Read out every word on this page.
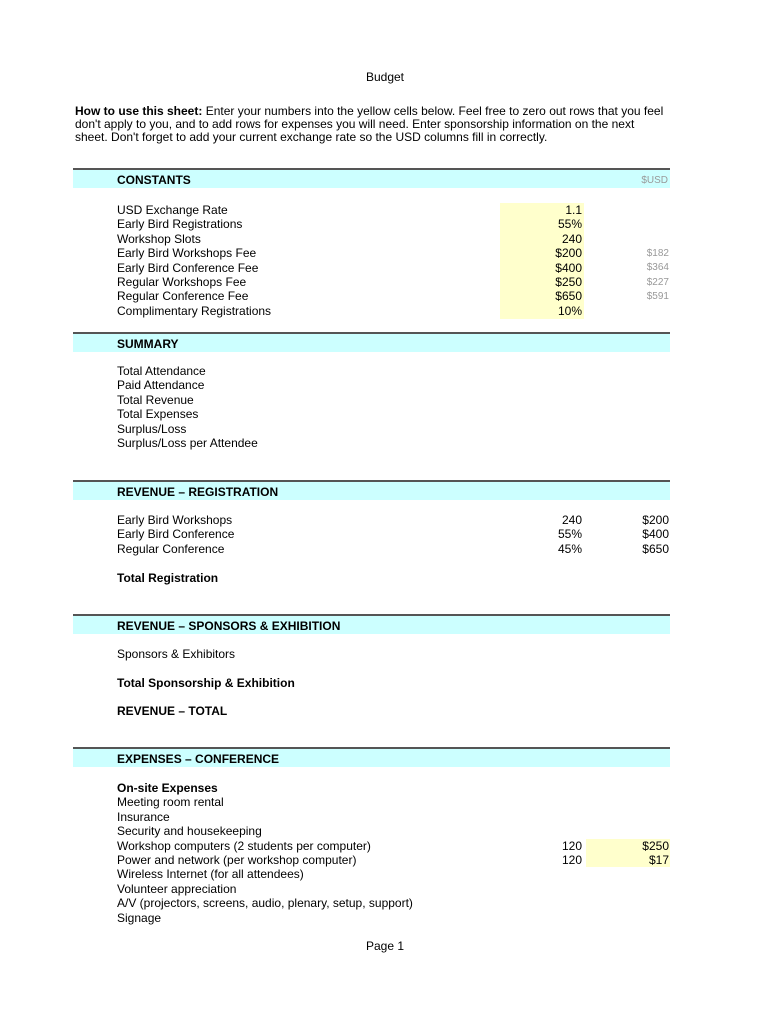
Budget
How to use this sheet: Enter your numbers into the yellow cells below. Feel free to zero out rows that you feel don't apply to you, and to add rows for expenses you will need. Enter sponsorship information on the next sheet. Don't forget to add your current exchange rate so the USD columns fill in correctly.
CONSTANTS	$USD
USD Exchange Rate
Early Bird Registrations
Workshop Slots
Early Bird Workshops Fee
Early Bird Conference Fee
Regular Workshops Fee
Regular Conference Fee
Complimentary Registrations
1.1
55%
240
$200
$400
$250
$650
10%
$182
$364
$227
$591
SUMMARY
Total Attendance
Paid Attendance
Total Revenue
Total Expenses
Surplus/Loss
Surplus/Loss per Attendee
REVENUE – REGISTRATION
Early Bird Workshops
Early Bird Conference
Regular Conference
240
55%
45%
$200
$400
$650
Total Registration
REVENUE – SPONSORS & EXHIBITION
Sponsors & Exhibitors
Total Sponsorship & Exhibition
REVENUE – TOTAL
EXPENSES – CONFERENCE
On-site Expenses
Meeting room rental
Insurance
Security and housekeeping
Workshop computers (2 students per computer)
Power and network (per workshop computer)
Wireless Internet (for all attendees)
Volunteer appreciation
A/V (projectors, screens, audio, plenary, setup, support)
Signage
120
120
$250
$17
Page 1
